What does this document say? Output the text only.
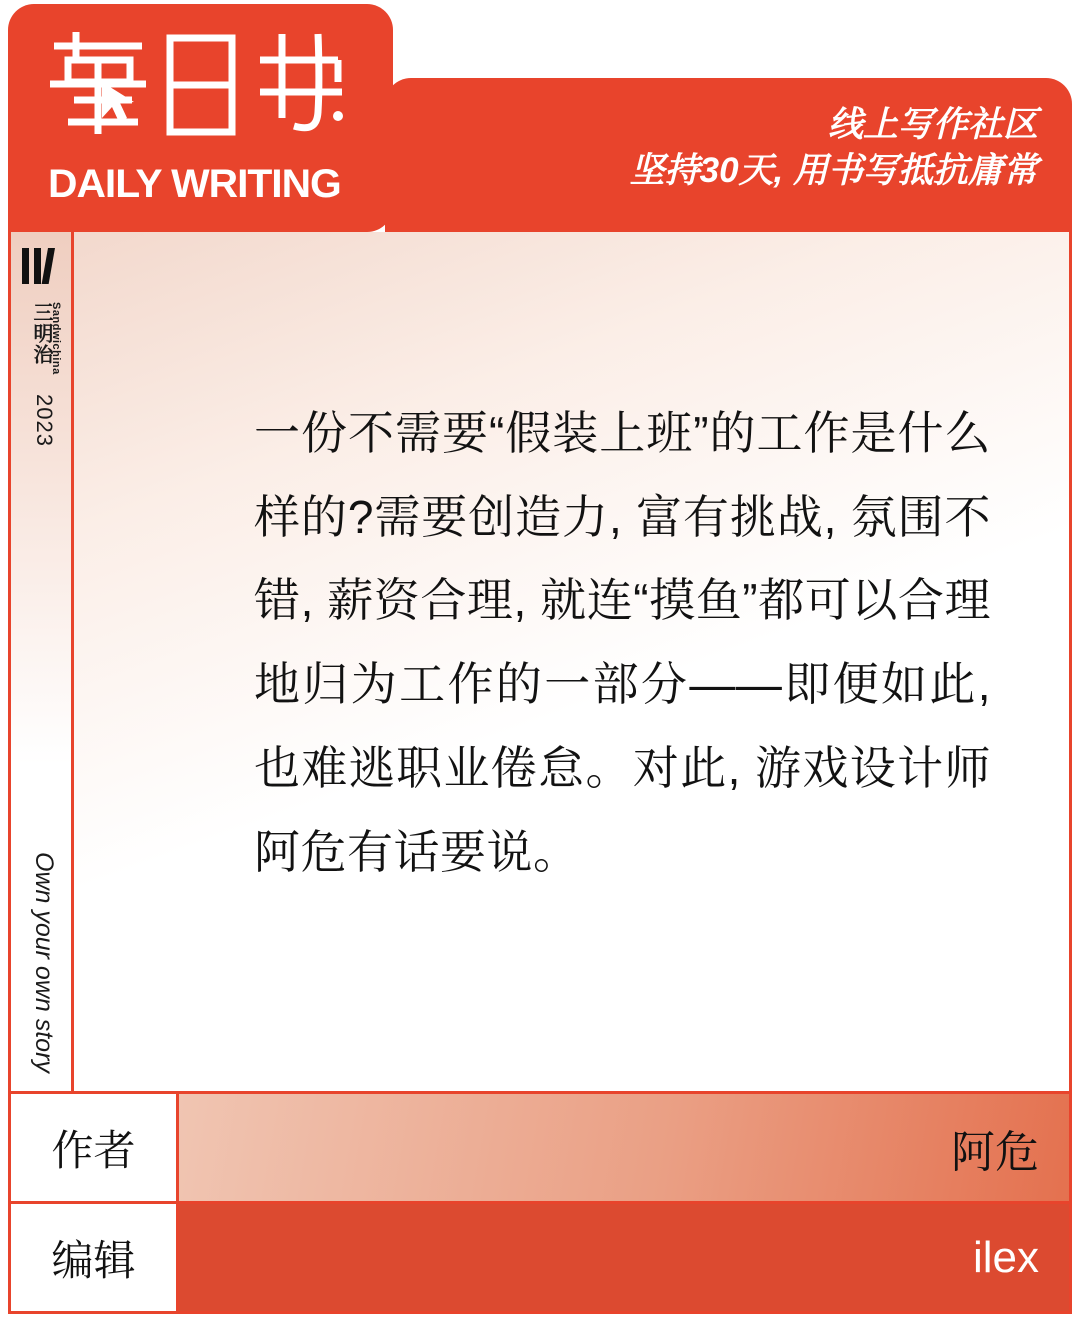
线上写作社区
坚持30天, 用书写抵抗庸常
DAILY WRITING
三明治
Sandwichina
2023
Own your own story

一份不需要“假装上班”的工作是什么样的?需要创造力, 富有挑战, 氛围不错, 薪资合理, 就连“摸鱼”都可以合理地归为工作的一部分——即便如此, 也难逃职业倦怠。对此, 游戏设计师阿危有话要说。

作者	阿危
编辑	ilex
